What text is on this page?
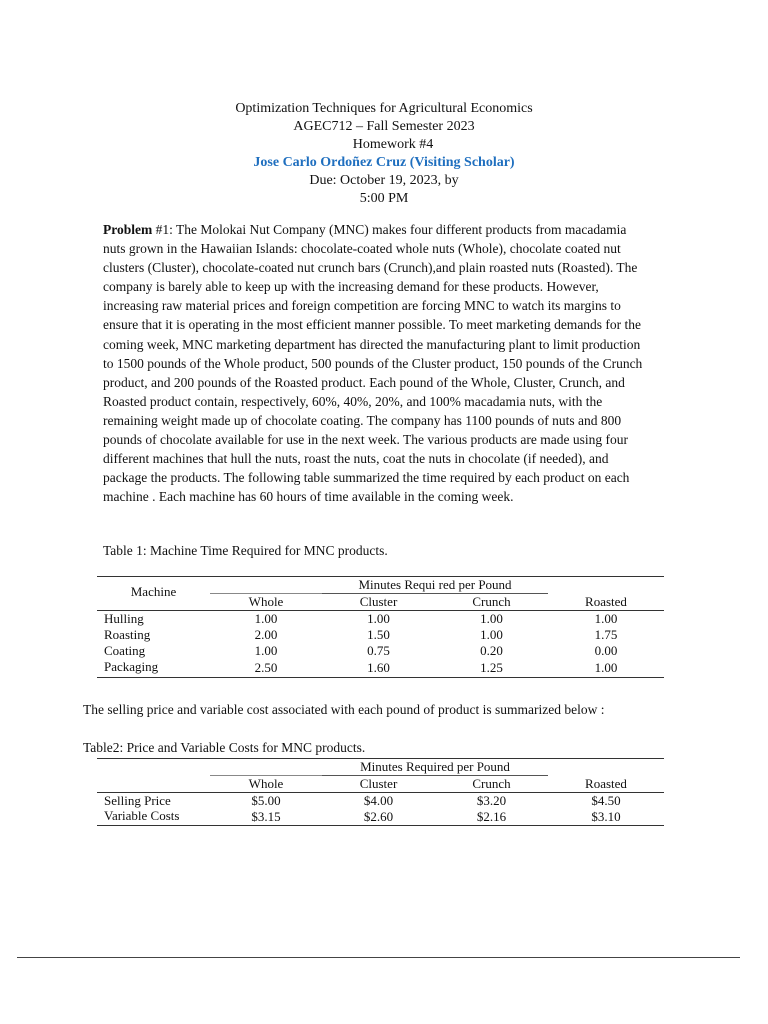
Optimization Techniques for Agricultural Economics
AGEC712 – Fall Semester 2023
Homework #4
Jose Carlo Ordoñez Cruz (Visiting Scholar)
Due: October 19, 2023, by
5:00 PM
Problem #1: The Molokai Nut Company (MNC) makes four different products from macadamia nuts grown in the Hawaiian Islands: chocolate-coated whole nuts (Whole), chocolate coated nut clusters (Cluster), chocolate-coated nut crunch bars (Crunch),and plain roasted nuts (Roasted). The company is barely able to keep up with the increasing demand for these products. However, increasing raw material prices and foreign competition are forcing MNC to watch its margins to ensure that it is operating in the most efficient manner possible. To meet marketing demands for the coming week, MNC marketing department has directed the manufacturing plant to limit production to 1500 pounds of the Whole product, 500 pounds of the Cluster product, 150 pounds of the Crunch product, and 200 pounds of the Roasted product. Each pound of the Whole, Cluster, Crunch, and Roasted product contain, respectively, 60%, 40%, 20%, and 100% macadamia nuts, with the remaining weight made up of chocolate coating. The company has 1100 pounds of nuts and 800 pounds of chocolate available for use in the next week. The various products are made using four different machines that hull the nuts, roast the nuts, coat the nuts in chocolate (if needed), and package the products. The following table summarized the time required by each product on each machine . Each machine has 60 hours of time available in the coming week.
Table 1: Machine Time Required for MNC products.
Machine		Minutes Requi red per Pound		
	Whole	Cluster	Crunch	Roasted
Hulling	1.00	1.00	1.00	1.00
Roasting	2.00	1.50	1.00	1.75
Coating	1.00	0.75	0.20	0.00
Packaging	2.50	1.60	1.25	1.00
The selling price and variable cost associated with each pound of product is summarized below :
Table2: Price and Variable Costs for MNC products.
		Minutes Required per Pound		
	Whole	Cluster	Crunch	Roasted
Selling Price	$5.00	$4.00	$3.20	$4.50
Variable Costs	$3.15	$2.60	$2.16	$3.10
